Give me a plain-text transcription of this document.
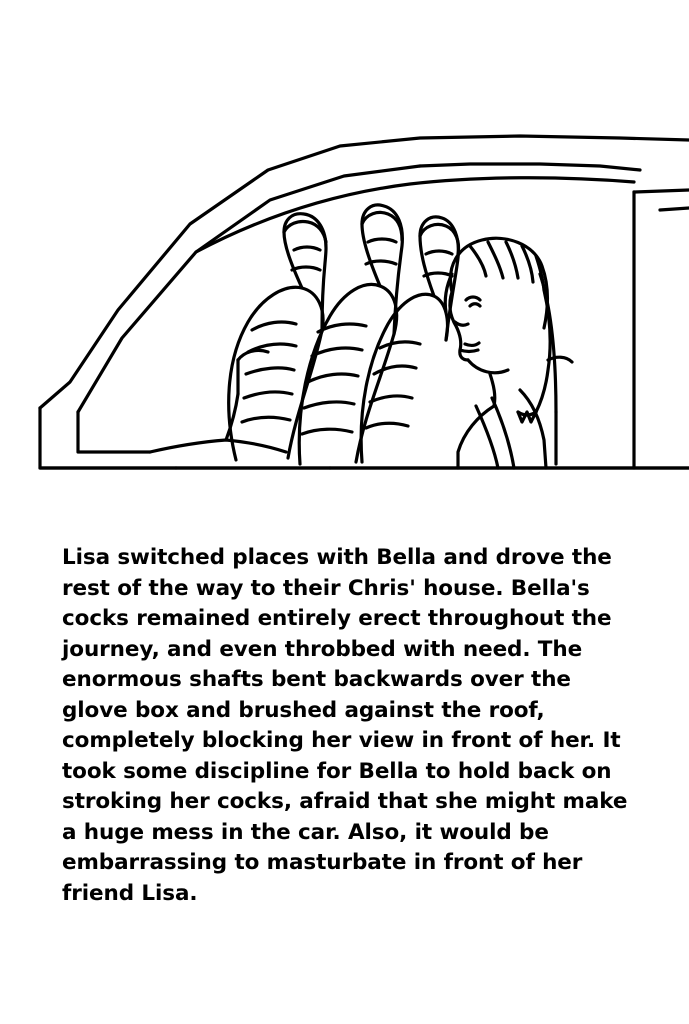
Lisa switched places with Bella and drove the rest of the way to their Chris' house. Bella's cocks remained entirely erect throughout the journey, and even throbbed with need. The enormous shafts bent backwards over the glove box and brushed against the roof, completely blocking her view in front of her. It took some discipline for Bella to hold back on stroking her cocks, afraid that she might make a huge mess in the car. Also, it would be embarrassing to masturbate in front of her friend Lisa.
